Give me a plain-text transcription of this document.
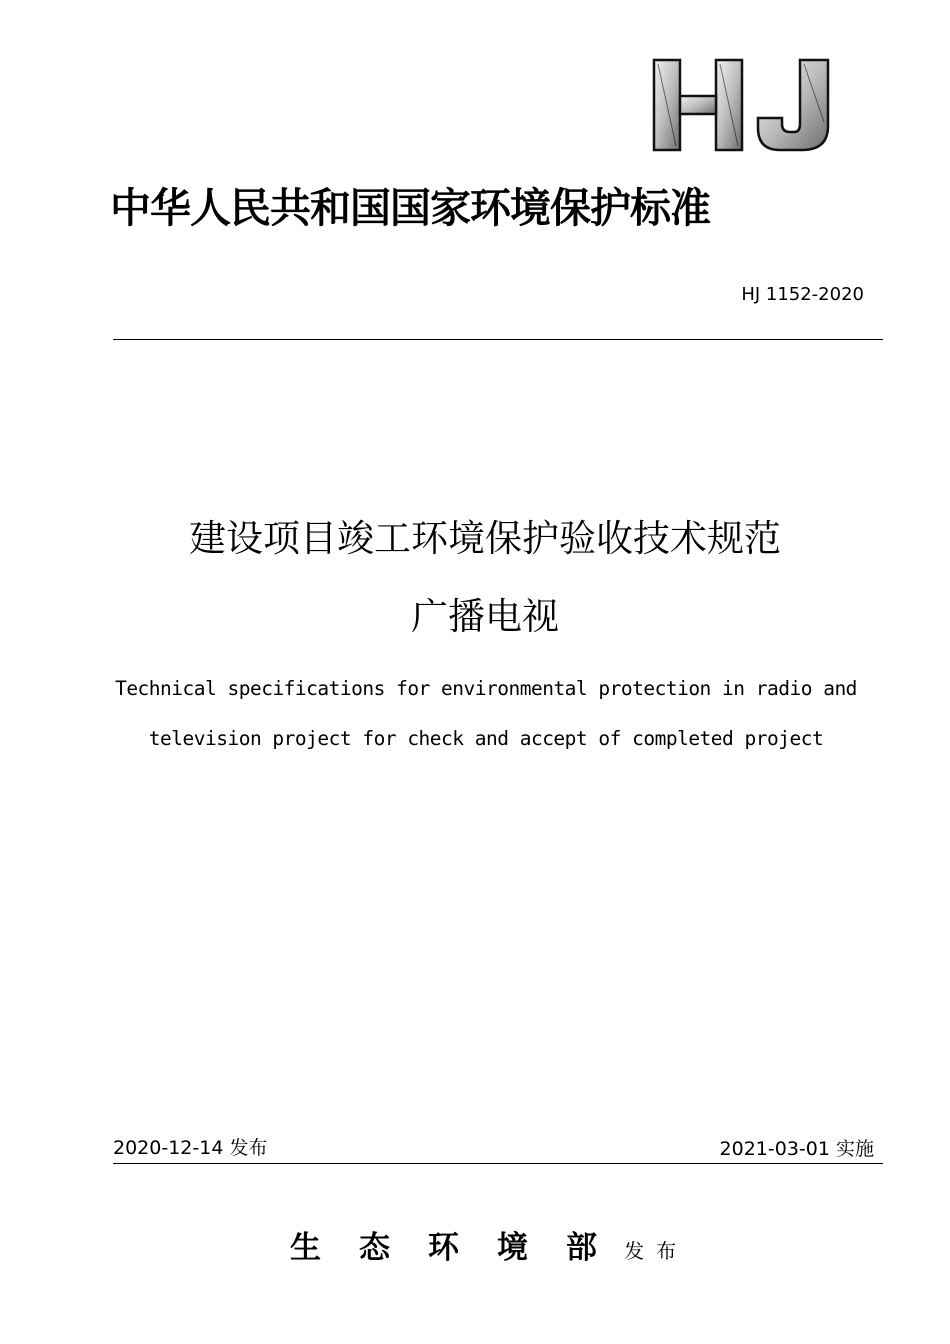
中华人民共和国国家环境保护标准
HJ 1152-2020
建设项目竣工环境保护验收技术规范
广播电视
Technical specifications for environmental protection in radio and
television project for check and accept of completed project
2020-12-14 发布	2021-03-01 实施
生态环境部 发布
